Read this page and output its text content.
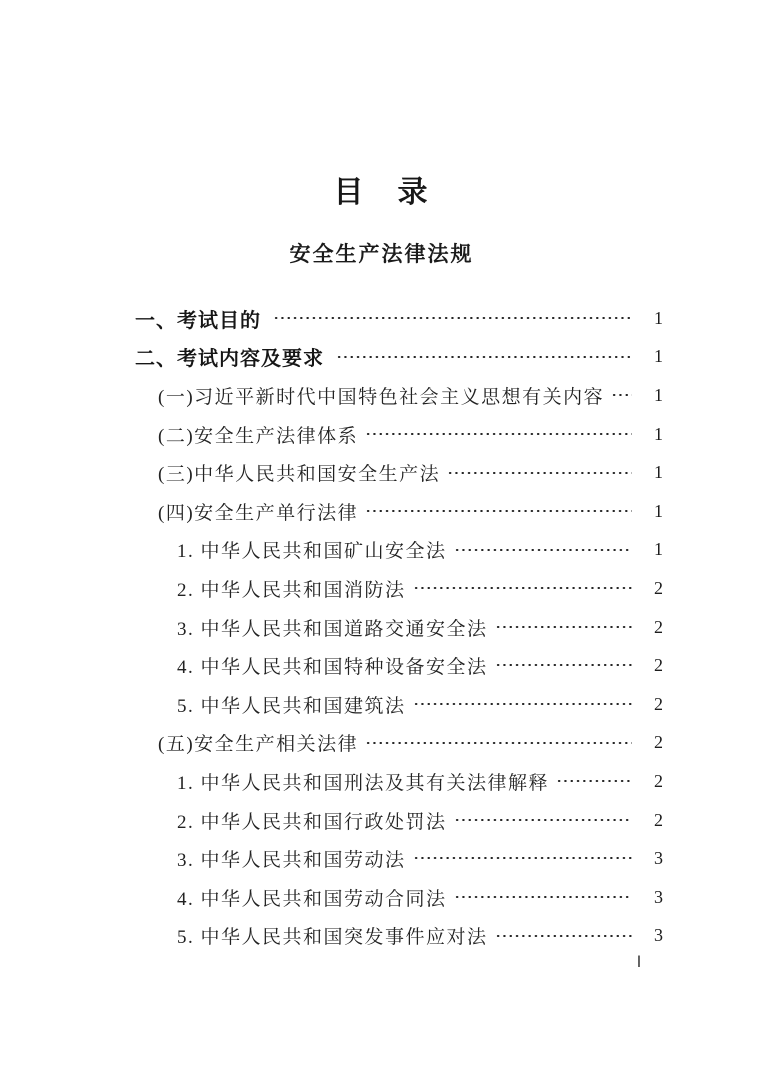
目　录
安全生产法律法规
一、考试目的	1
二、考试内容及要求	1
(一)习近平新时代中国特色社会主义思想有关内容	1
(二)安全生产法律体系	1
(三)中华人民共和国安全生产法	1
(四)安全生产单行法律	1
1. 中华人民共和国矿山安全法	1
2. 中华人民共和国消防法	2
3. 中华人民共和国道路交通安全法	2
4. 中华人民共和国特种设备安全法	2
5. 中华人民共和国建筑法	2
(五)安全生产相关法律	2
1. 中华人民共和国刑法及其有关法律解释	2
2. 中华人民共和国行政处罚法	2
3. 中华人民共和国劳动法	3
4. 中华人民共和国劳动合同法	3
5. 中华人民共和国突发事件应对法	3
Ⅰ
